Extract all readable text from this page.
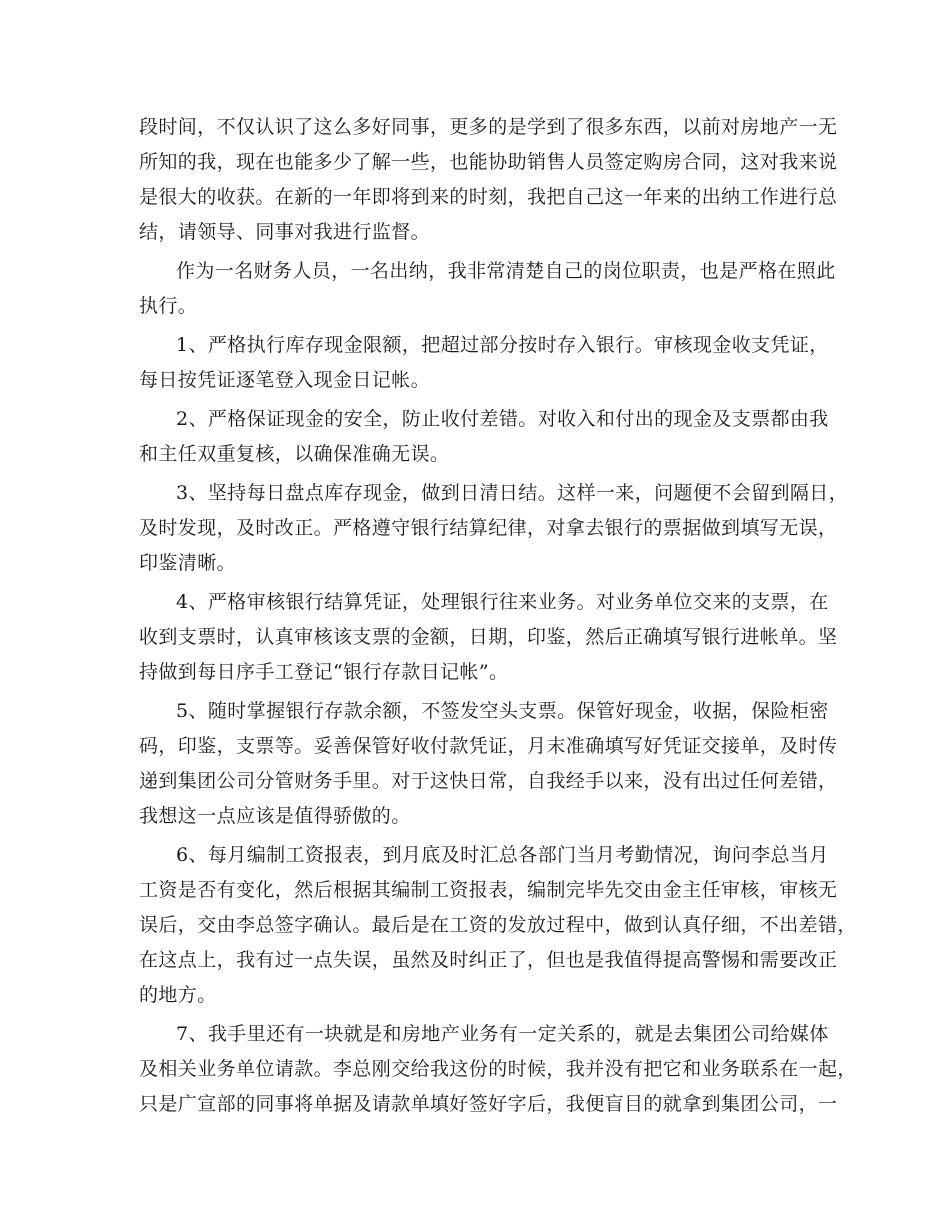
段时间，不仅认识了这么多好同事，更多的是学到了很多东西，以前对房地产一无
所知的我，现在也能多少了解一些，也能协助销售人员签定购房合同，这对我来说
是很大的收获。在新的一年即将到来的时刻，我把自己这一年来的出纳工作进行总
结，请领导、同事对我进行监督。
作为一名财务人员，一名出纳，我非常清楚自己的岗位职责，也是严格在照此
执行。
1、严格执行库存现金限额，把超过部分按时存入银行。审核现金收支凭证，
每日按凭证逐笔登入现金日记帐。
2、严格保证现金的安全，防止收付差错。对收入和付出的现金及支票都由我
和主任双重复核，以确保准确无误。
3、坚持每日盘点库存现金，做到日清日结。这样一来，问题便不会留到隔日，
及时发现，及时改正。严格遵守银行结算纪律，对拿去银行的票据做到填写无误，
印鉴清晰。
4、严格审核银行结算凭证，处理银行往来业务。对业务单位交来的支票，在
收到支票时，认真审核该支票的金额，日期，印鉴，然后正确填写银行进帐单。坚
持做到每日序手工登记“银行存款日记帐”。
5、随时掌握银行存款余额，不签发空头支票。保管好现金，收据，保险柜密
码，印鉴，支票等。妥善保管好收付款凭证，月末准确填写好凭证交接单，及时传
递到集团公司分管财务手里。对于这快日常，自我经手以来，没有出过任何差错，
我想这一点应该是值得骄傲的。
6、每月编制工资报表，到月底及时汇总各部门当月考勤情况，询问李总当月
工资是否有变化，然后根据其编制工资报表，编制完毕先交由金主任审核，审核无
误后，交由李总签字确认。最后是在工资的发放过程中，做到认真仔细，不出差错，
在这点上，我有过一点失误，虽然及时纠正了，但也是我值得提高警惕和需要改正
的地方。
7、我手里还有一块就是和房地产业务有一定关系的，就是去集团公司给媒体
及相关业务单位请款。李总刚交给我这份的时候，我并没有把它和业务联系在一起，
只是广宣部的同事将单据及请款单填好签好字后，我便盲目的就拿到集团公司，一
